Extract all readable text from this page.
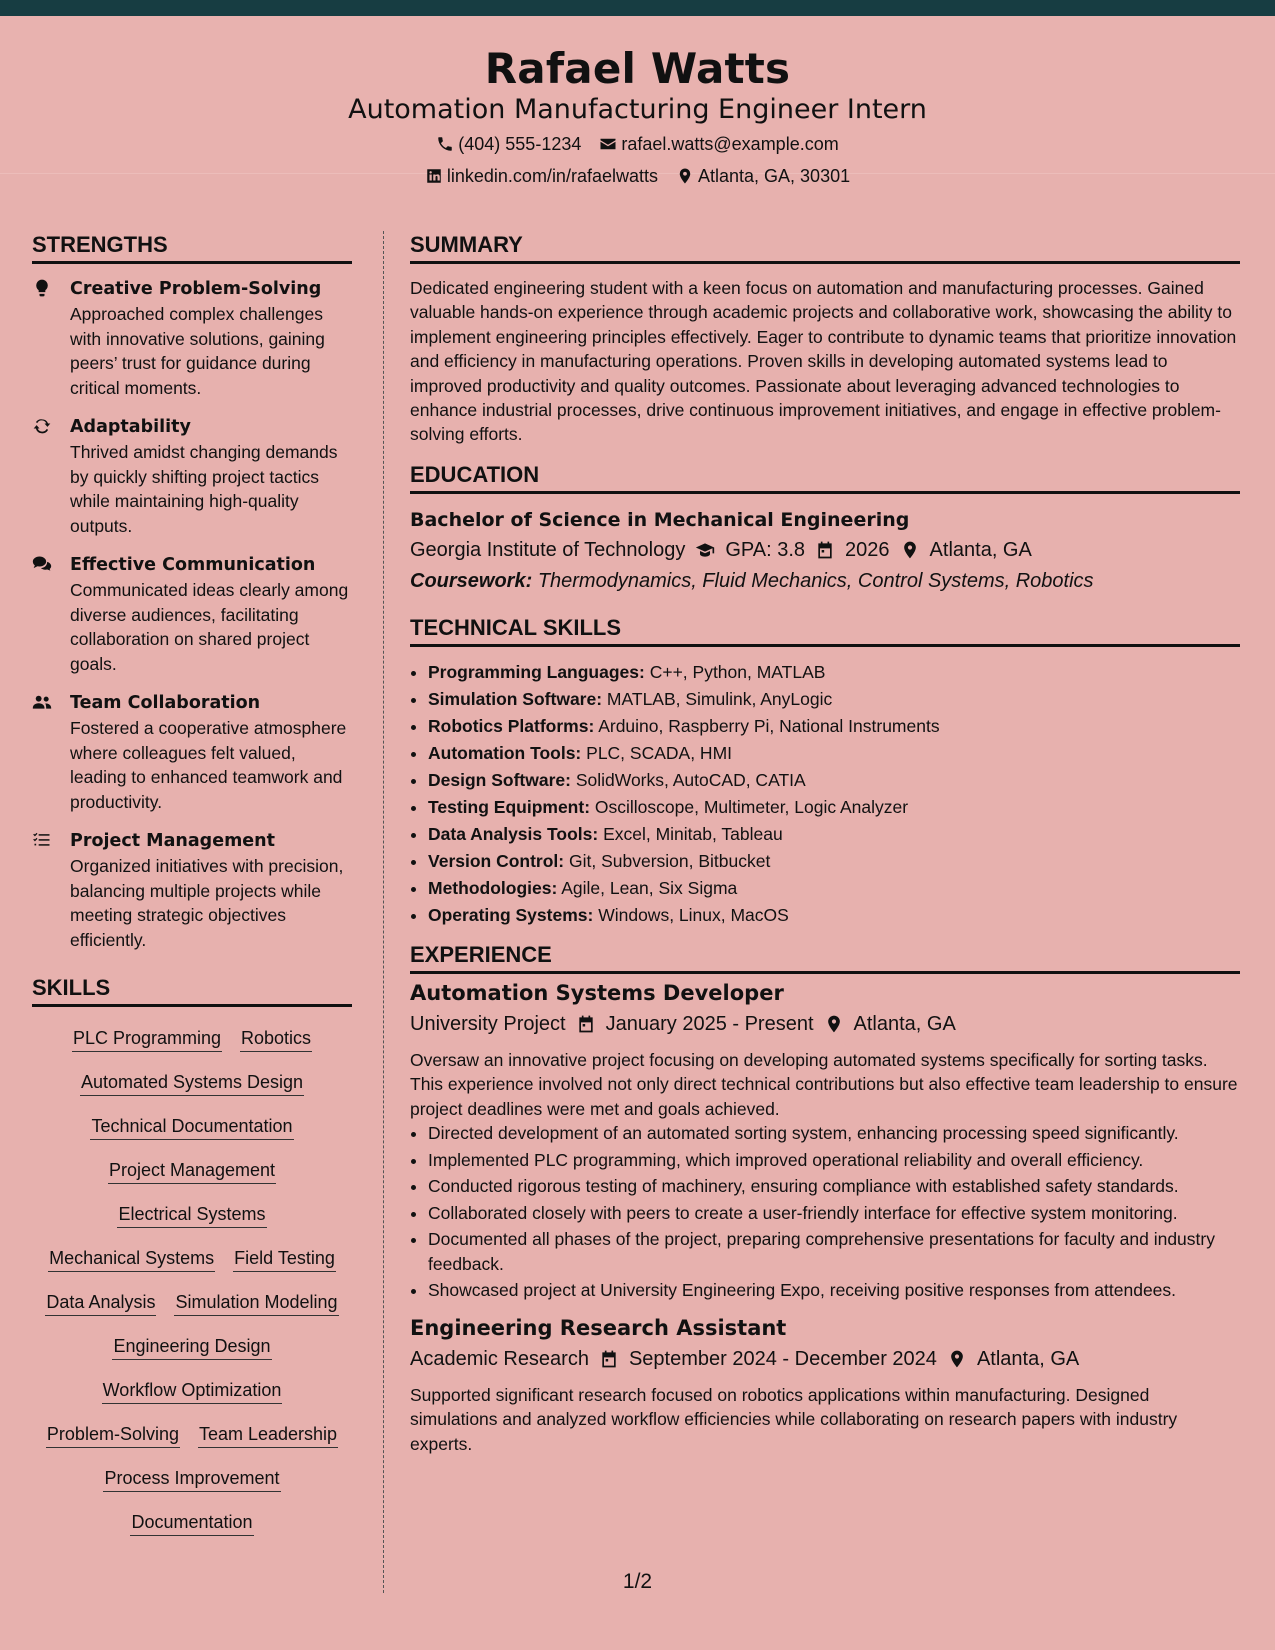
Rafael Watts
Automation Manufacturing Engineer Intern
(404) 555-1234 rafael.watts@example.com
linkedin.com/in/rafaelwatts Atlanta, GA, 30301
STRENGTHS
Creative Problem-Solving
Approached complex challenges with innovative solutions, gaining peers’ trust for guidance during critical moments.
Adaptability
Thrived amidst changing demands by quickly shifting project tactics while maintaining high-quality outputs.
Effective Communication
Communicated ideas clearly among diverse audiences, facilitating collaboration on shared project goals.
Team Collaboration
Fostered a cooperative atmosphere where colleagues felt valued, leading to enhanced teamwork and productivity.
Project Management
Organized initiatives with precision, balancing multiple projects while meeting strategic objectives efficiently.
SKILLS
PLC Programming Robotics
Automated Systems Design
Technical Documentation
Project Management
Electrical Systems
Mechanical Systems Field Testing
Data Analysis Simulation Modeling
Engineering Design
Workflow Optimization
Problem-Solving Team Leadership
Process Improvement
Documentation
SUMMARY

Dedicated engineering student with a keen focus on automation and manufacturing processes. Gained valuable hands-on experience through academic projects and collaborative work, showcasing the ability to implement engineering principles effectively. Eager to contribute to dynamic teams that prioritize innovation and efficiency in manufacturing operations. Proven skills in developing automated systems lead to improved productivity and quality outcomes. Passionate about leveraging advanced technologies to enhance industrial processes, drive continuous improvement initiatives, and engage in effective problem-solving efforts.

EDUCATION
Bachelor of Science in Mechanical Engineering
Georgia Institute of Technology GPA: 3.8 2026 Atlanta, GA
Coursework: Thermodynamics, Fluid Mechanics, Control Systems, Robotics
TECHNICAL SKILLS
• Programming Languages: C++, Python, MATLAB
• Simulation Software: MATLAB, Simulink, AnyLogic
• Robotics Platforms: Arduino, Raspberry Pi, National Instruments
• Automation Tools: PLC, SCADA, HMI
• Design Software: SolidWorks, AutoCAD, CATIA
• Testing Equipment: Oscilloscope, Multimeter, Logic Analyzer
• Data Analysis Tools: Excel, Minitab, Tableau
• Version Control: Git, Subversion, Bitbucket
• Methodologies: Agile, Lean, Six Sigma
• Operating Systems: Windows, Linux, MacOS
EXPERIENCE
Automation Systems Developer
University Project January 2025 - Present Atlanta, GA

Oversaw an innovative project focusing on developing automated systems specifically for sorting tasks. This experience involved not only direct technical contributions but also effective team leadership to ensure project deadlines were met and goals achieved.

• Directed development of an automated sorting system, enhancing processing speed significantly.
• Implemented PLC programming, which improved operational reliability and overall efficiency.
• Conducted rigorous testing of machinery, ensuring compliance with established safety standards.
• Collaborated closely with peers to create a user-friendly interface for effective system monitoring.
• Documented all phases of the project, preparing comprehensive presentations for faculty and industry feedback.
• Showcased project at University Engineering Expo, receiving positive responses from attendees.
Engineering Research Assistant
Academic Research September 2024 - December 2024 Atlanta, GA

Supported significant research focused on robotics applications within manufacturing. Designed simulations and analyzed workflow efficiencies while collaborating on research papers with industry experts.

1/2
